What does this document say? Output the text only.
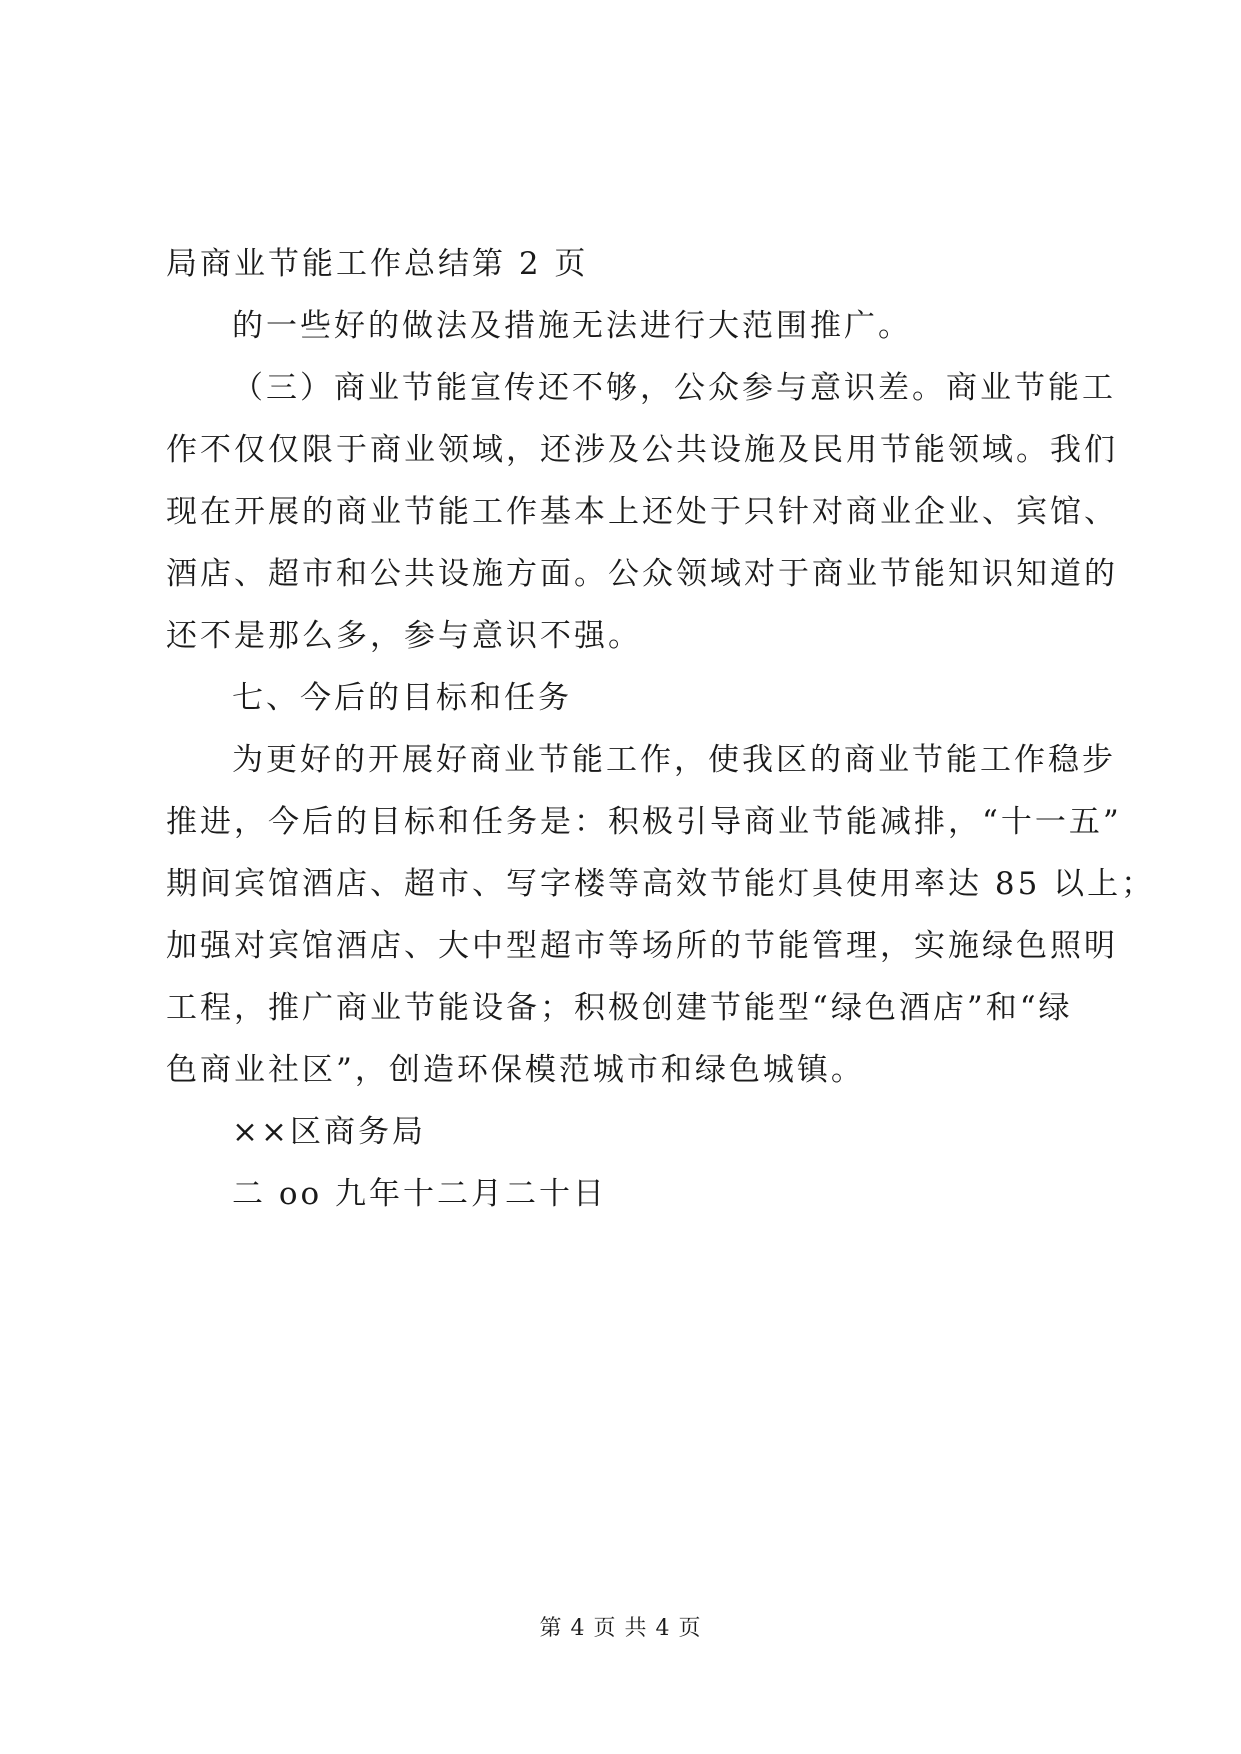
局商业节能工作总结第 2 页
的一些好的做法及措施无法进行大范围推广。
（三）商业节能宣传还不够，公众参与意识差。商业节能工
作不仅仅限于商业领域，还涉及公共设施及民用节能领域。我们
现在开展的商业节能工作基本上还处于只针对商业企业、宾馆、
酒店、超市和公共设施方面。公众领域对于商业节能知识知道的
还不是那么多，参与意识不强。
七、今后的目标和任务
为更好的开展好商业节能工作，使我区的商业节能工作稳步
推进，今后的目标和任务是：积极引导商业节能减排，“十一五”
期间宾馆酒店、超市、写字楼等高效节能灯具使用率达 85 以上；
加强对宾馆酒店、大中型超市等场所的节能管理，实施绿色照明
工程，推广商业节能设备；积极创建节能型“绿色酒店”和“绿
色商业社区”，创造环保模范城市和绿色城镇。
××区商务局
二 oo 九年十二月二十日
第 4 页 共 4 页
